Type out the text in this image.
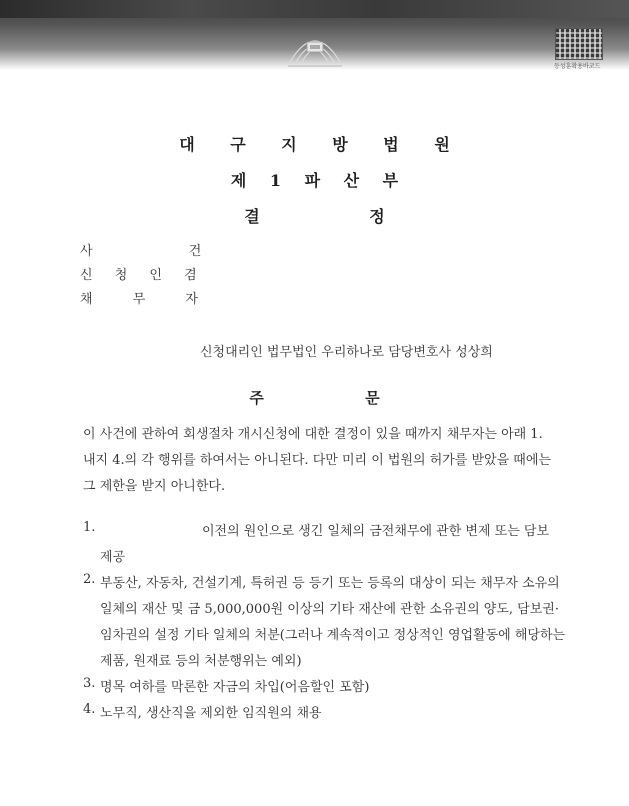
등성훈확용바코드
대 구 지 방 법 원
제 1 파 산 부
결 정
사 건
신 청 인 겸
채 무 자
신청대리인 법무법인 우리하나로 담당변호사 성상희
주 문
이 사건에 관하여 회생절차 개시신청에 대한 결정이 있을 때까지 채무자는 아래 1.
내지 4.의 각 행위를 하여서는 아니된다. 다만 미리 이 법원의 허가를 받았을 때에는
그 제한을 받지 아니한다.
1.	이전의 원인으로 생긴 일체의 금전채무에 관한 변제 또는 담보
제공
2. 부동산, 자동차, 건설기계, 특허권 등 등기 또는 등록의 대상이 되는 채무자 소유의
일체의 재산 및 금 5,000,000원 이상의 기타 재산에 관한 소유권의 양도, 담보권·
임차권의 설정 기타 일체의 처분(그러나 계속적이고 정상적인 영업활동에 해당하는
제품, 원재료 등의 처분행위는 예외)
3. 명목 여하를 막론한 자금의 차입(어음할인 포함)
4. 노무직, 생산직을 제외한 임직원의 채용
